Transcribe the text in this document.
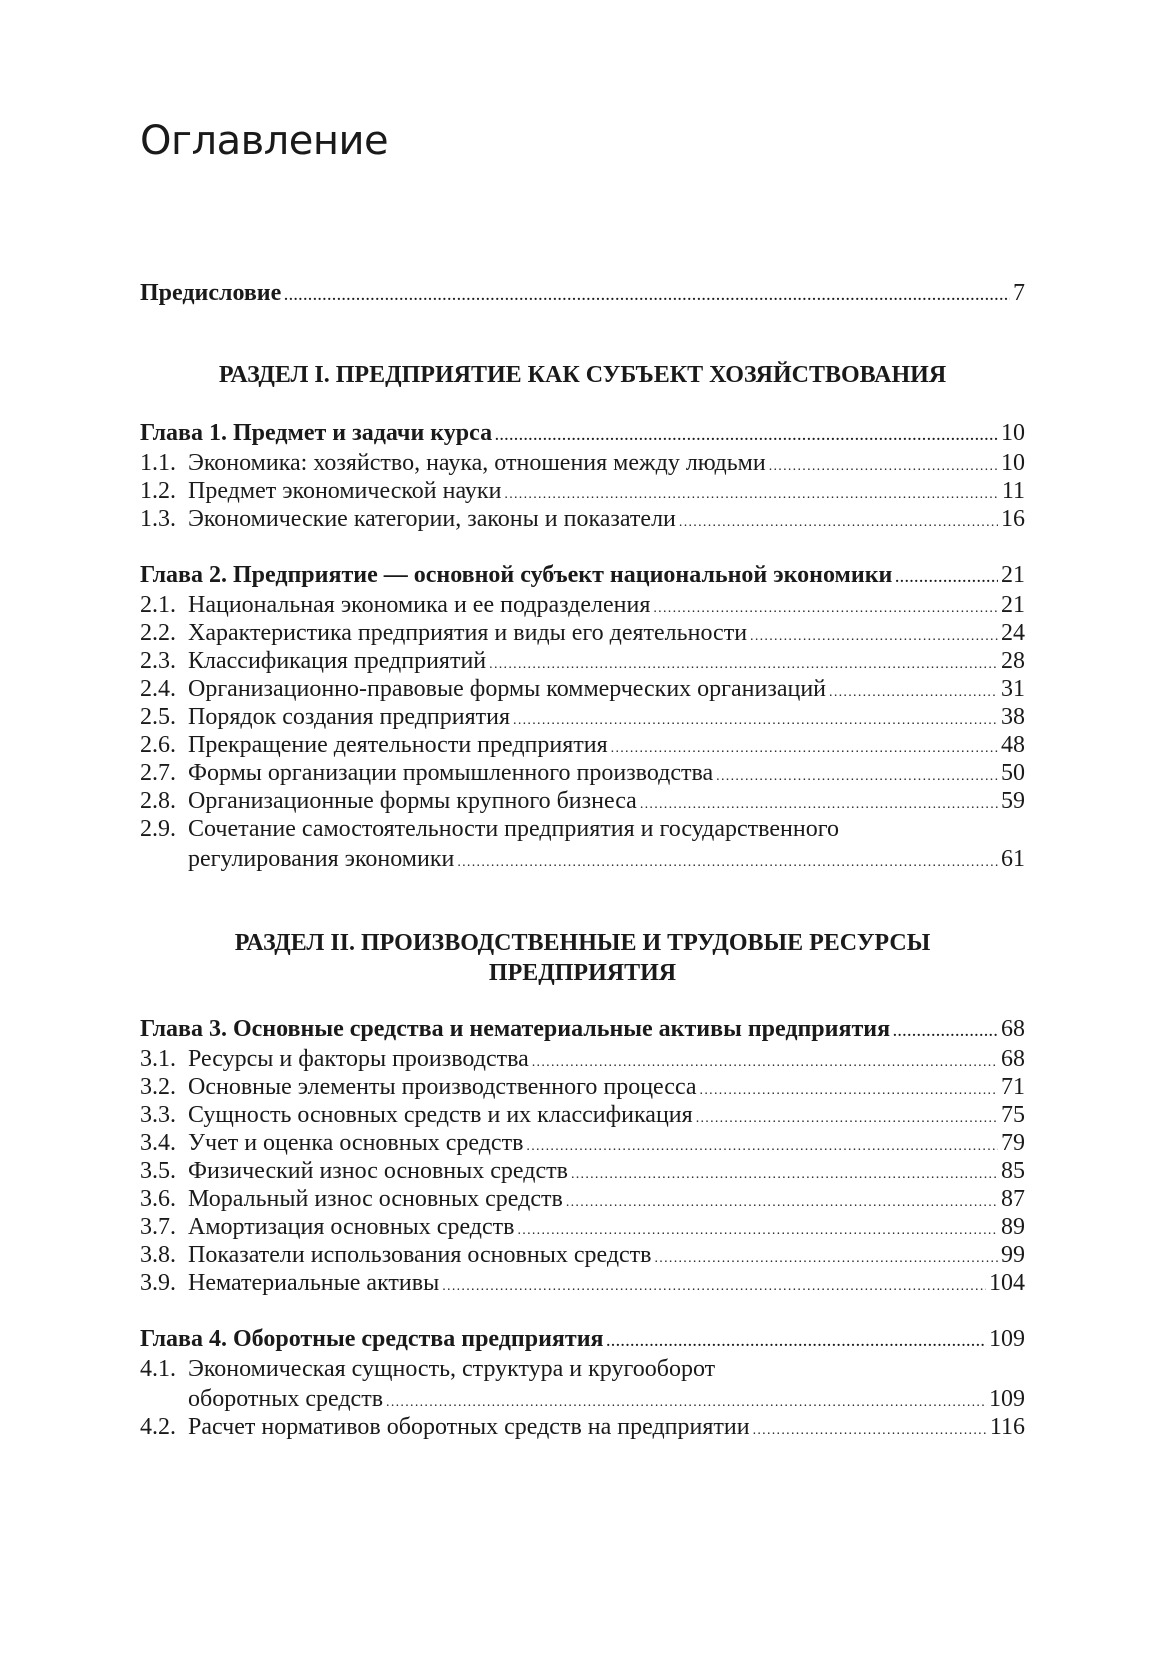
Оглавление
Предисловие .....	7
РАЗДЕЛ I. ПРЕДПРИЯТИЕ КАК СУБЪЕКТ ХОЗЯЙСТВОВАНИЯ
Глава 1. Предмет и задачи курса .....	10
1.1. Экономика: хозяйство, наука, отношения между людьми .....	10
1.2. Предмет экономической науки .....	11
1.3. Экономические категории, законы и показатели .....	16
Глава 2. Предприятие — основной субъект национальной экономики .....	21
2.1. Национальная экономика и ее подразделения .....	21
2.2. Характеристика предприятия и виды его деятельности .....	24
2.3. Классификация предприятий .....	28
2.4. Организационно-правовые формы коммерческих организаций .....	31
2.5. Порядок создания предприятия .....	38
2.6. Прекращение деятельности предприятия .....	48
2.7. Формы организации промышленного производства .....	50
2.8. Организационные формы крупного бизнеса .....	59
2.9. Сочетание самостоятельности предприятия и государственного
регулирования экономики .....	61
РАЗДЕЛ II. ПРОИЗВОДСТВЕННЫЕ И ТРУДОВЫЕ РЕСУРСЫ
ПРЕДПРИЯТИЯ
Глава 3. Основные средства и нематериальные активы предприятия .....	68
3.1. Ресурсы и факторы производства .....	68
3.2. Основные элементы производственного процесса .....	71
3.3. Сущность основных средств и их классификация .....	75
3.4. Учет и оценка основных средств .....	79
3.5. Физический износ основных средств .....	85
3.6. Моральный износ основных средств .....	87
3.7. Амортизация основных средств .....	89
3.8. Показатели использования основных средств .....	99
3.9. Нематериальные активы .....	104
Глава 4. Оборотные средства предприятия .....	109
4.1. Экономическая сущность, структура и кругооборот
оборотных средств .....	109
4.2. Расчет нормативов оборотных средств на предприятии .....	116
